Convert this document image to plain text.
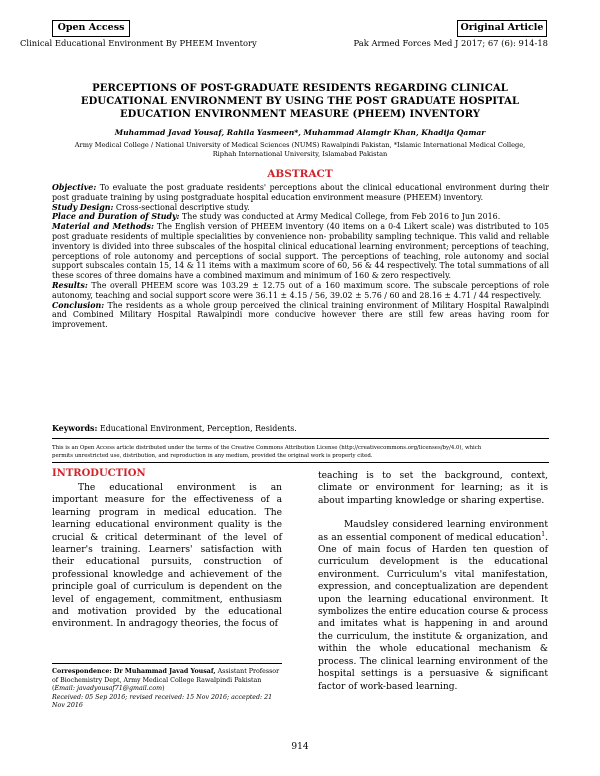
Open Access	Original Article
Clinical Educational Environment By PHEEM Inventory	Pak Armed Forces Med J 2017; 67 (6): 914-18
PERCEPTIONS OF POST-GRADUATE RESIDENTS REGARDING CLINICAL
EDUCATIONAL ENVIRONMENT BY USING THE POST GRADUATE HOSPITAL
EDUCATION ENVIRONMENT MEASURE (PHEEM) INVENTORY
Muhammad Javad Yousaf, Rahila Yasmeen*, Muhammad Alamgir Khan, Khadija Qamar
Army Medical College / National University of Medical Sciences (NUMS) Rawalpindi Pakistan, *Islamic International Medical College,
Riphah International University, Islamabad Pakistan
ABSTRACT

Objective: To evaluate the post graduate residents' perceptions about the clinical educational environment during their post graduate training by using postgraduate hospital education environment measure (PHEEM) inventory.

Study Design: Cross-sectional descriptive study.

Place and Duration of Study: The study was conducted at Army Medical College, from Feb 2016 to Jun 2016.

Material and Methods: The English version of PHEEM inventory (40 items on a 0-4 Likert scale) was distributed to 105 post graduate residents of multiple specialities by convenience non- probability sampling technique. This valid and reliable inventory is divided into three subscales of the hospital clinical educational learning environment; perceptions of teaching, perceptions of role autonomy and perceptions of social support. The perceptions of teaching, role autonomy and social support subscales contain 15, 14 & 11 items with a maximum score of 60, 56 & 44 respectively. The total summations of all these scores of three domains have a combined maximum and minimum of 160 & zero respectively.

Results: The overall PHEEM score was 103.29 ± 12.75 out of a 160 maximum score. The subscale perceptions of role autonomy, teaching and social support score were 36.11 ± 4.15 / 56, 39.02 ± 5.76 / 60 and 28.16 ± 4.71 / 44 respectively.

Conclusion: The residents as a whole group perceived the clinical training environment of Military Hospital Rawalpindi and Combined Military Hospital Rawalpindi more conducive however there are still few areas having room for improvement.

Keywords: Educational Environment, Perception, Residents.
This is an Open Access article distributed under the terms of the Creative Commons Attribution License (http://creativecommons.org/licenses/by/4.0), which
permits unrestricted use, distribution, and reproduction in any medium, provided the original work is properly cited.
INTRODUCTION

The educational environment is an important measure for the effectiveness of a learning program in medical education. The learning educational environment quality is the crucial & critical determinant of the level of learner's training. Learners' satisfaction with their educational pursuits, construction of professional knowledge and achievement of the principle goal of curriculum is dependent on the level of engagement, commitment, enthusiasm and motivation provided by the educational environment. In andragogy theories, the focus of

teaching is to set the background, context, climate or environment for learning; as it is about imparting knowledge or sharing expertise.

Maudsley considered learning environment as an essential component of medical education$^1$. One of main focus of Harden ten question of curriculum development is the educational environment. Curriculum's vital manifestation, expression, and conceptualization are dependent upon the learning educational environment. It symbolizes the entire education course & process and imitates what is happening in and around the curriculum, the institute & organization, and within the whole educational mechanism & process. The clinical learning environment of the hospital settings is a persuasive & significant factor of work-based learning.

Correspondence: Dr Muhammad Javad Yousaf, Assistant Professor of Biochemistry Dept, Army Medical College Rawalpindi Pakistan (Email: javadyousaf71@gmail.com)

Received: 05 Sep 2016; revised received: 15 Nov 2016; accepted: 21 Nov 2016

914
